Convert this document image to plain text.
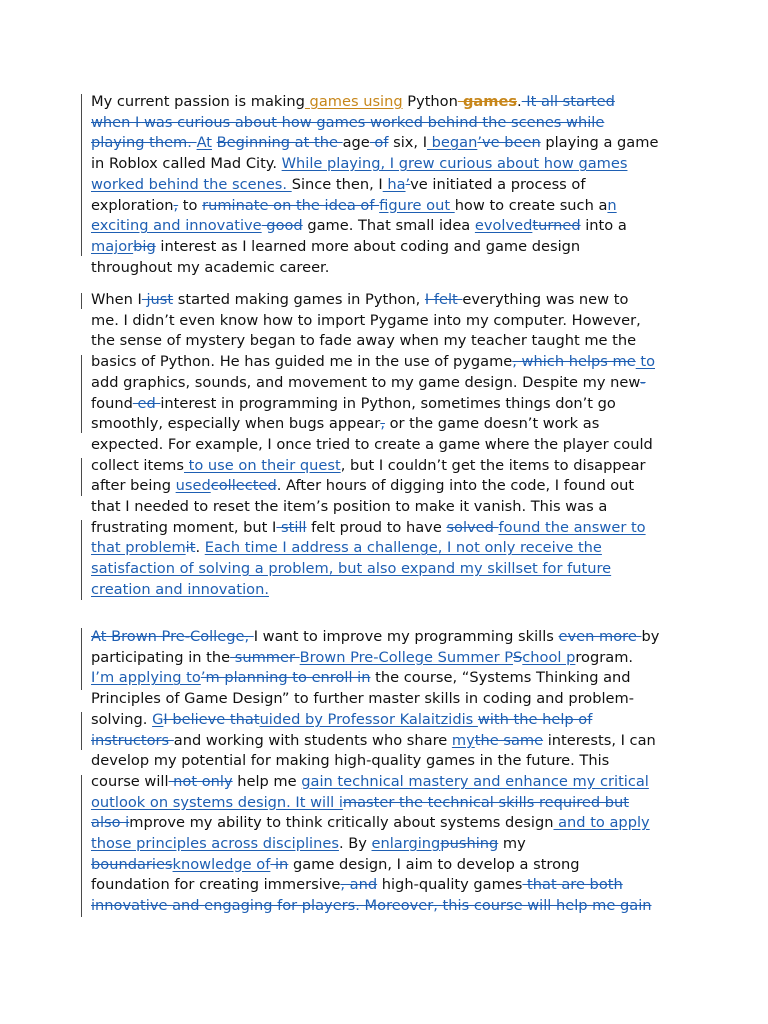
My current passion is making games using Python games. It all started
when I was curious about how games worked behind the scenes while
playing them. At Beginning at the age of six, I began’ve been playing a game
in Roblox called Mad City. While playing, I grew curious about how games
worked behind the scenes. Since then, I ha’ve initiated a process of
exploration, to ruminate on the idea of figure out how to create such an
exciting and innovative good game. That small idea evolvedturned into a
majorbig interest as I learned more about coding and game design
throughout my academic career.
When I just started making games in Python, I felt everything was new to
me. I didn’t even know how to import Pygame into my computer. However,
the sense of mystery began to fade away when my teacher taught me the
basics of Python. He has guided me in the use of pygame, which helps me to
add graphics, sounds, and movement to my game design. Despite my new-
found ed interest in programming in Python, sometimes things don’t go
smoothly, especially when bugs appear, or the game doesn’t work as
expected. For example, I once tried to create a game where the player could
collect items to use on their quest, but I couldn’t get the items to disappear
after being usedcollected. After hours of digging into the code, I found out
that I needed to reset the item’s position to make it vanish. This was a
frustrating moment, but I still felt proud to have solved found the answer to
that problemit. Each time I address a challenge, I not only receive the
satisfaction of solving a problem, but also expand my skillset for future
creation and innovation.
At Brown Pre-College, I want to improve my programming skills even more by
participating in the summer Brown Pre-College Summer PSchool program.
I’m applying to’m planning to enroll in the course, “Systems Thinking and
Principles of Game Design” to further master skills in coding and problem-
solving. GI believe thatuided by Professor Kalaitzidis with the help of
instructors and working with students who share mythe same interests, I can
develop my potential for making high-quality games in the future. This
course will not only help me gain technical mastery and enhance my critical
outlook on systems design. It will imaster the technical skills required but
also improve my ability to think critically about systems design and to apply
those principles across disciplines. By enlargingpushing my
boundariesknowledge of in game design, I aim to develop a strong
foundation for creating immersive, and high-quality games that are both
innovative and engaging for players. Moreover, this course will help me gain
